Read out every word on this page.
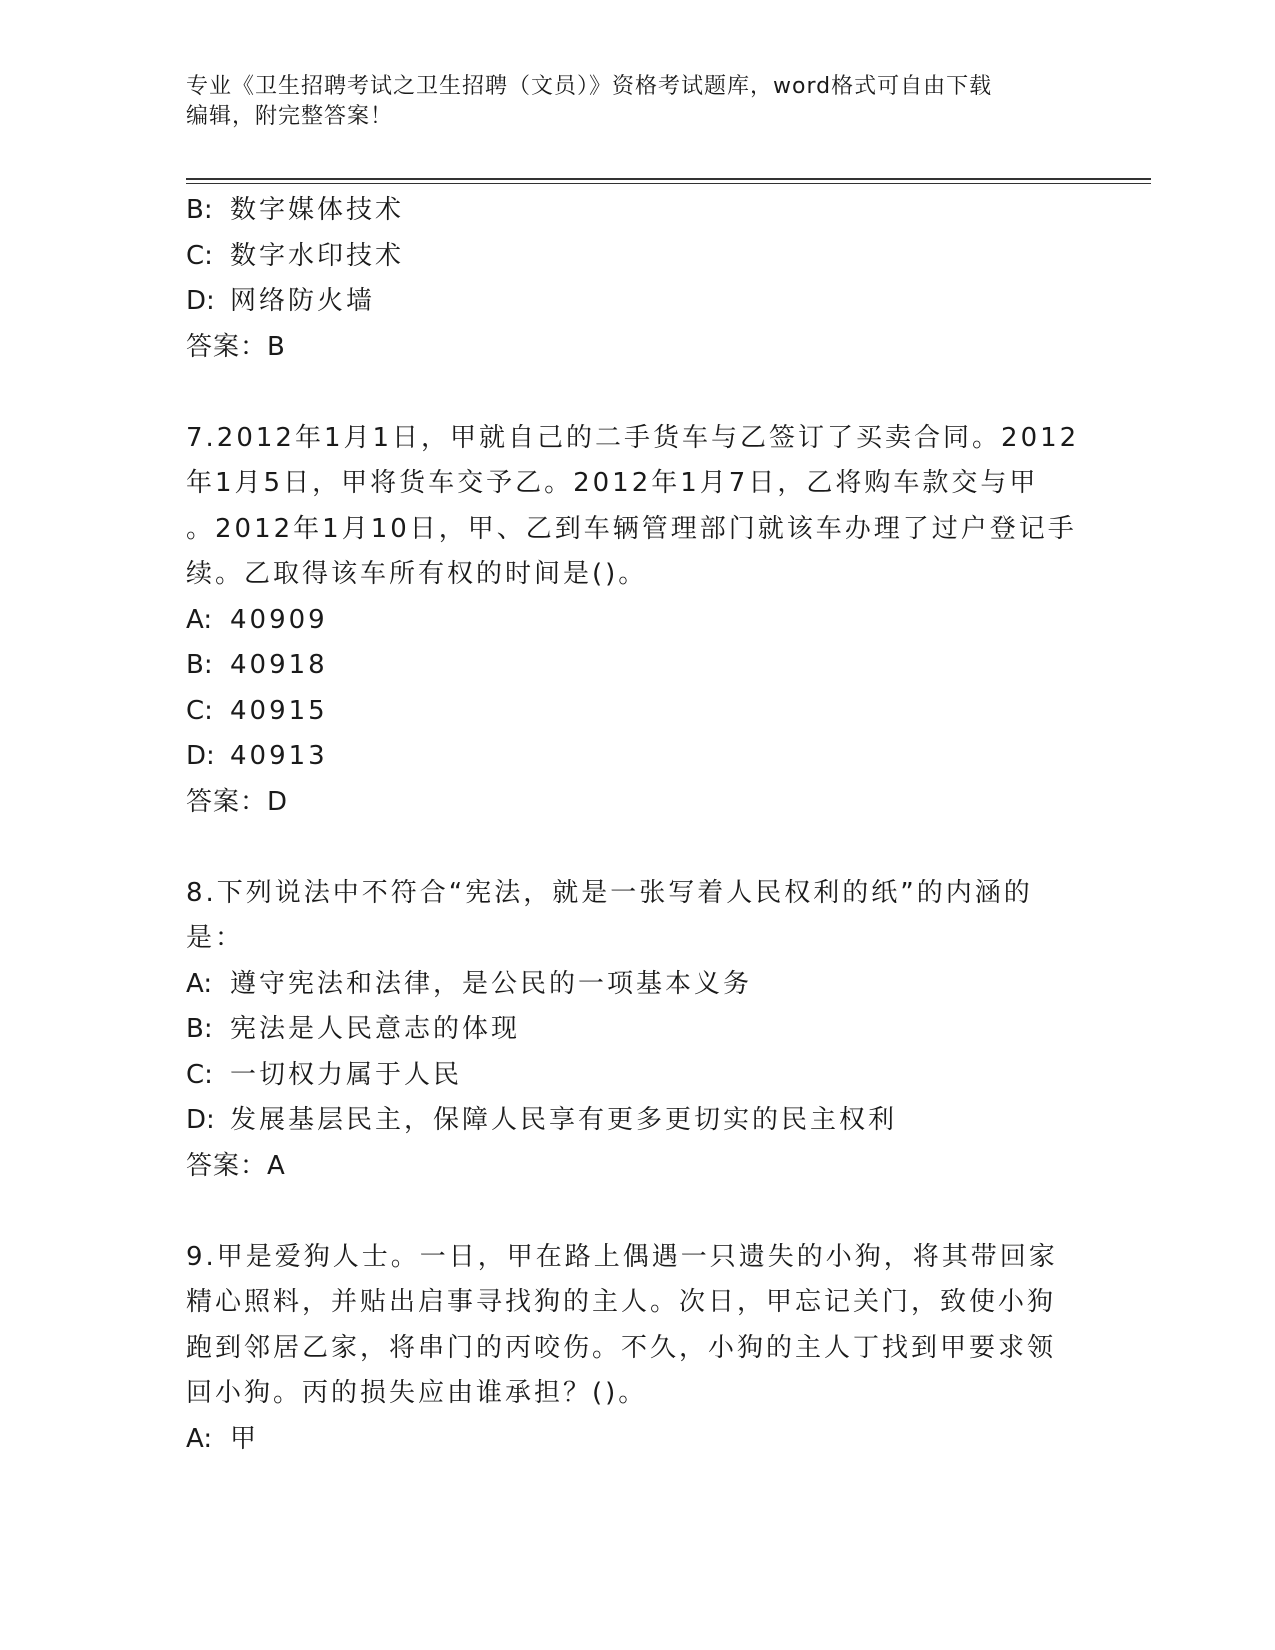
专业《卫生招聘考试之卫生招聘（文员）》资格考试题库，word格式可自由下载
编辑，附完整答案！
B: 数字媒体技术
C: 数字水印技术
D: 网络防火墙
答案：B
7.2012年1月1日，甲就自己的二手货车与乙签订了买卖合同。2012
年1月5日，甲将货车交予乙。2012年1月7日，乙将购车款交与甲
。2012年1月10日，甲、乙到车辆管理部门就该车办理了过户登记手
续。乙取得该车所有权的时间是()。
A: 40909
B: 40918
C: 40915
D: 40913
答案：D
8.下列说法中不符合“宪法，就是一张写着人民权利的纸”的内涵的
是：
A: 遵守宪法和法律，是公民的一项基本义务
B: 宪法是人民意志的体现
C: 一切权力属于人民
D: 发展基层民主，保障人民享有更多更切实的民主权利
答案：A
9.甲是爱狗人士。一日，甲在路上偶遇一只遗失的小狗，将其带回家
精心照料，并贴出启事寻找狗的主人。次日，甲忘记关门，致使小狗
跑到邻居乙家，将串门的丙咬伤。不久，小狗的主人丁找到甲要求领
回小狗。丙的损失应由谁承担？()。
A: 甲
